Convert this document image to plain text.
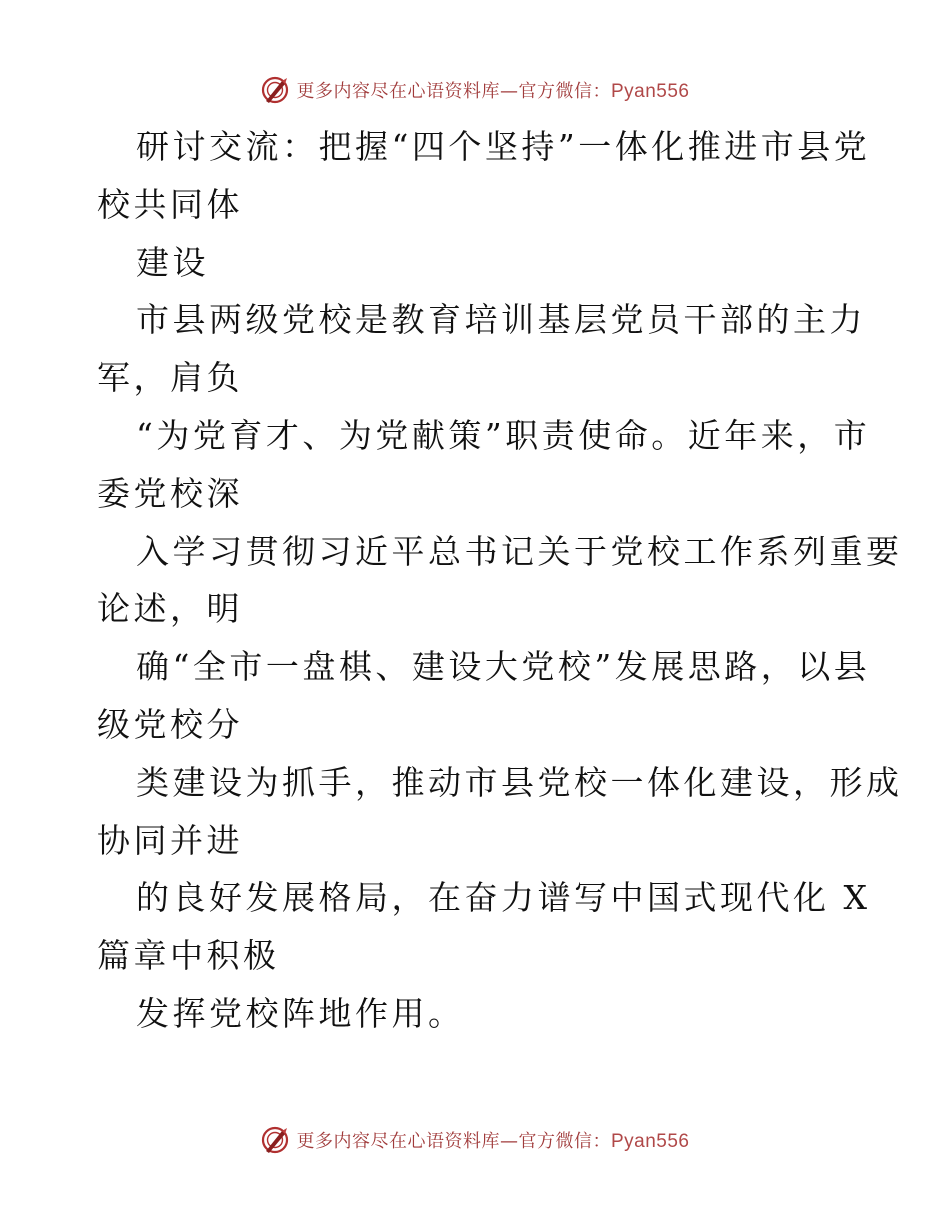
更多内容尽在心语资料库—官方微信：Pyan556
研讨交流：把握“四个坚持”一体化推进市县党
校共同体
建设
市县两级党校是教育培训基层党员干部的主力
军，肩负
“为党育才、为党献策”职责使命。近年来，市
委党校深
入学习贯彻习近平总书记关于党校工作系列重要
论述，明
确“全市一盘棋、建设大党校”发展思路，以县
级党校分
类建设为抓手，推动市县党校一体化建设，形成
协同并进
的良好发展格局，在奋力谱写中国式现代化 X
篇章中积极
发挥党校阵地作用。
更多内容尽在心语资料库—官方微信：Pyan556
